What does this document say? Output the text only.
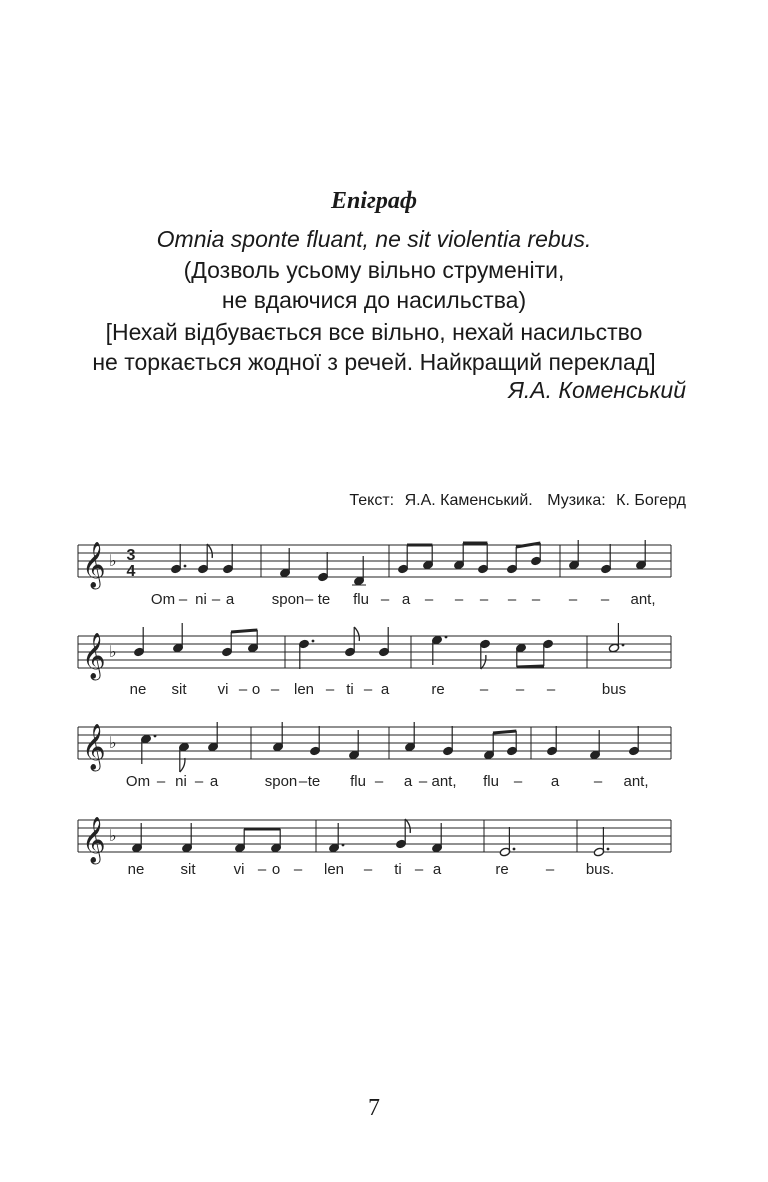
Епіграф
Omnia sponte fluant, ne sit violentia rebus.
(Дозволь усьому вільно струменіти,
не вдаючися до насильства)
[Нехай відбувається все вільно, нехай насильство
не торкається жодної з речей. Найкращий переклад]
Я.А. Коменський
Текст: Я.А. Каменський. Музика: К. Богерд
𝄞 ♭ 3
4
Om – ni – a	spon – te flu – a – – – – – – – ant,
𝄞 ♭
ne sit vi – o – len – ti – a	re – – –	bus
𝄞 ♭
Om – ni – a	spon – te flu – a – ant, flu – a – ant,
𝄞 ♭
ne sit	vi – o – len – ti – a	re – bus.
7
